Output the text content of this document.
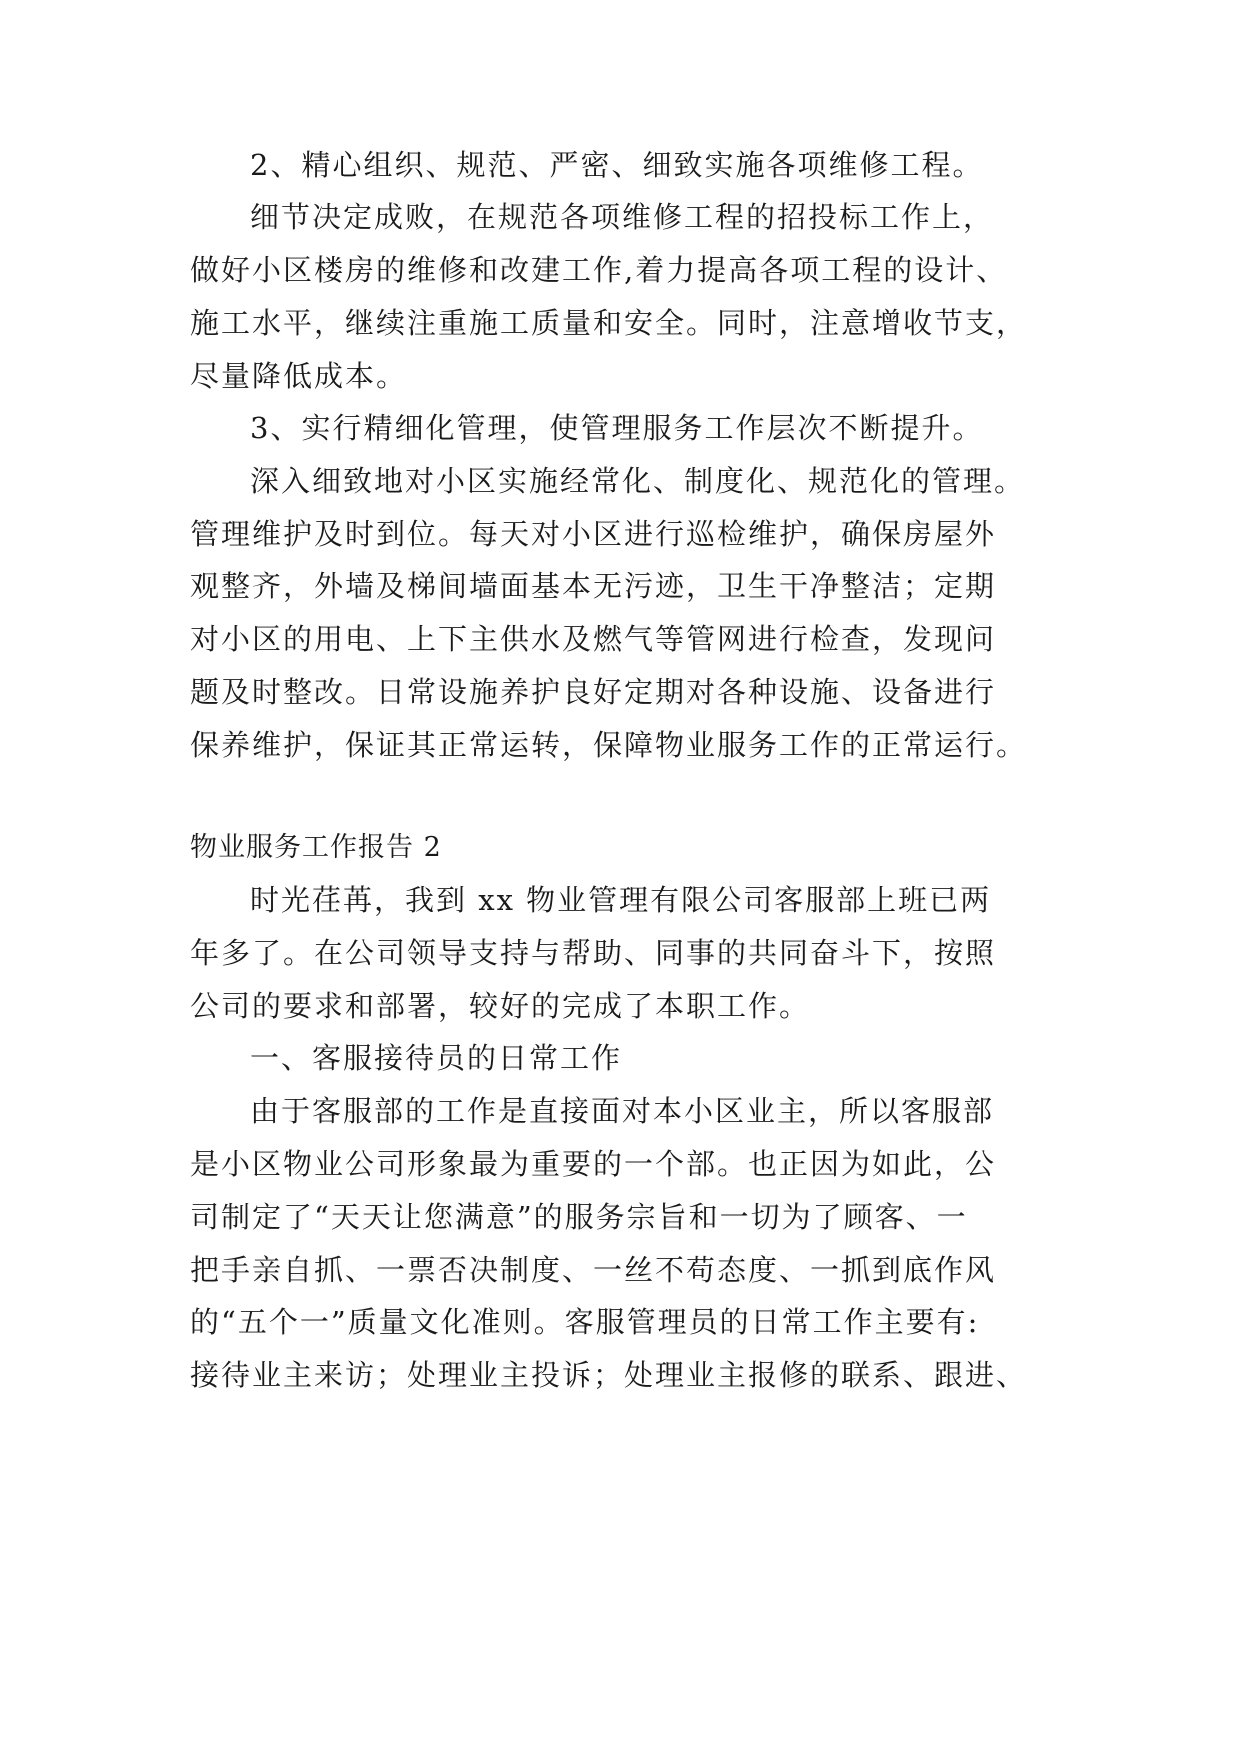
2、精心组织、规范、严密、细致实施各项维修工程。
细节决定成败，在规范各项维修工程的招投标工作上，
做好小区楼房的维修和改建工作,着力提高各项工程的设计、
施工水平，继续注重施工质量和安全。同时，注意增收节支，
尽量降低成本。
3、实行精细化管理，使管理服务工作层次不断提升。
深入细致地对小区实施经常化、制度化、规范化的管理。
管理维护及时到位。每天对小区进行巡检维护，确保房屋外
观整齐，外墙及梯间墙面基本无污迹，卫生干净整洁；定期
对小区的用电、上下主供水及燃气等管网进行检查，发现问
题及时整改。日常设施养护良好定期对各种设施、设备进行
保养维护，保证其正常运转，保障物业服务工作的正常运行。
物业服务工作报告 2
时光荏苒，我到 xx 物业管理有限公司客服部上班已两
年多了。在公司领导支持与帮助、同事的共同奋斗下，按照
公司的要求和部署，较好的完成了本职工作。
一、客服接待员的日常工作
由于客服部的工作是直接面对本小区业主，所以客服部
是小区物业公司形象最为重要的一个部。也正因为如此，公
司制定了“天天让您满意”的服务宗旨和一切为了顾客、一
把手亲自抓、一票否决制度、一丝不苟态度、一抓到底作风
的“五个一”质量文化准则。客服管理员的日常工作主要有:
接待业主来访；处理业主投诉；处理业主报修的联系、跟进、
